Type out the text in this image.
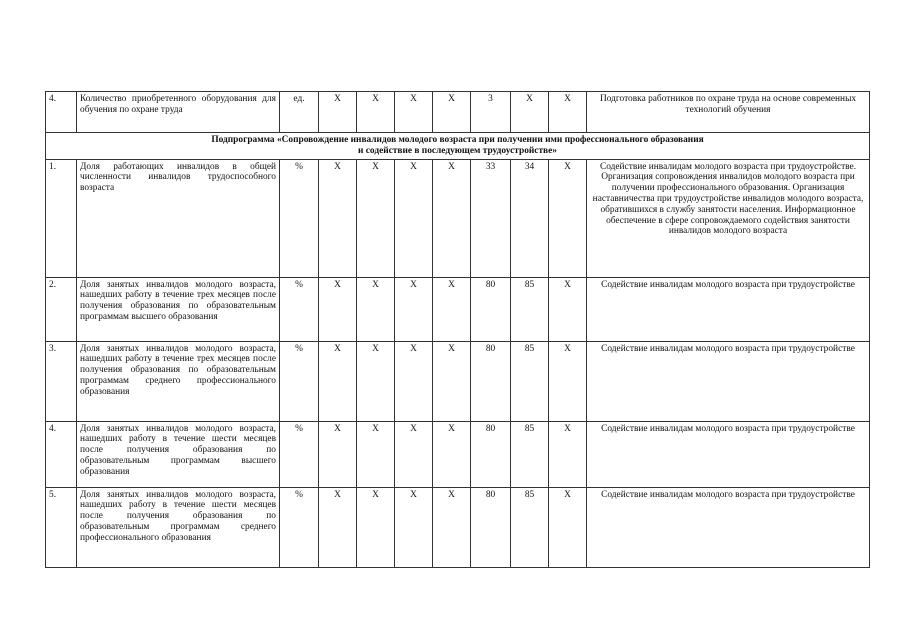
4.	Количество приобретенного оборудования для обучения по охране труда	ед.	X	X	X	X	3	X	X	Подготовка работников по охране труда на основе современных технологий обучения

Подпрограмма «Сопровождение инвалидов молодого возраста при получении ими профессионального образования
и содействие в последующем трудоустройстве»										

1.	Доля работающих инвалидов в общей численности инвалидов трудоспособного возраста	%	X	X	X	X	33	34	X	Содействие инвалидам молодого возраста при трудоустройстве. Организация сопровождения инвалидов молодого возраста при получении профессионального образования. Организация наставничества при трудоустройстве инвалидов молодого возраста, обратившихся в службу занятости населения. Информационное обеспечение в сфере сопровождаемого содействия занятости инвалидов молодого возраста
2.	Доля занятых инвалидов молодого возраста, нашедших работу в течение трех месяцев после получения образования по образовательным программам высшего образования	%	X	X	X	X	80	85	X	Содействие инвалидам молодого возраста при трудоустройстве
3.	Доля занятых инвалидов молодого возраста, нашедших работу в течение трех месяцев после получения образования по образовательным программам среднего профессионального образования	%	X	X	X	X	80	85	X	Содействие инвалидам молодого возраста при трудоустройстве
4.	Доля занятых инвалидов молодого возраста, нашедших работу в течение шести месяцев после получения образования по образовательным программам высшего образования	%	X	X	X	X	80	85	X	Содействие инвалидам молодого возраста при трудоустройстве
5.	Доля занятых инвалидов молодого возраста, нашедших работу в течение шести месяцев после получения образования по образовательным программам среднего профессионального образования	%	X	X	X	X	80	85	X	Содействие инвалидам молодого возраста при трудоустройстве
